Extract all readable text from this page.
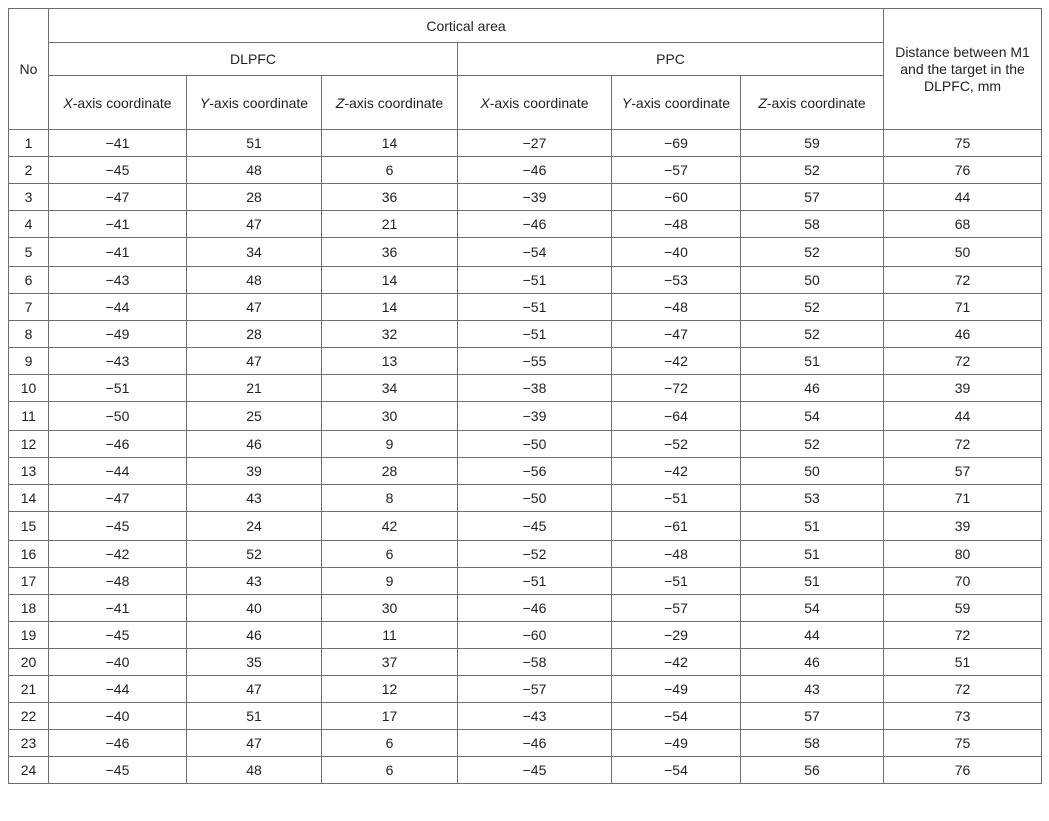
No	Cortical area						Distance between M1 and the target in the DLPFC, mm
	DLPFC			PPC			
	X-axis coordinate	Y-axis coordinate	Z-axis coordinate	X-axis coordinate	Y-axis coordinate	Z-axis coordinate	
1	−41	51	14	−27	−69	59	75
2	−45	48	6	−46	−57	52	76
3	−47	28	36	−39	−60	57	44
4	−41	47	21	−46	−48	58	68
5	−41	34	36	−54	−40	52	50
6	−43	48	14	−51	−53	50	72
7	−44	47	14	−51	−48	52	71
8	−49	28	32	−51	−47	52	46
9	−43	47	13	−55	−42	51	72
10	−51	21	34	−38	−72	46	39
11	−50	25	30	−39	−64	54	44
12	−46	46	9	−50	−52	52	72
13	−44	39	28	−56	−42	50	57
14	−47	43	8	−50	−51	53	71
15	−45	24	42	−45	−61	51	39
16	−42	52	6	−52	−48	51	80
17	−48	43	9	−51	−51	51	70
18	−41	40	30	−46	−57	54	59
19	−45	46	11	−60	−29	44	72
20	−40	35	37	−58	−42	46	51
21	−44	47	12	−57	−49	43	72
22	−40	51	17	−43	−54	57	73
23	−46	47	6	−46	−49	58	75
24	−45	48	6	−45	−54	56	76
